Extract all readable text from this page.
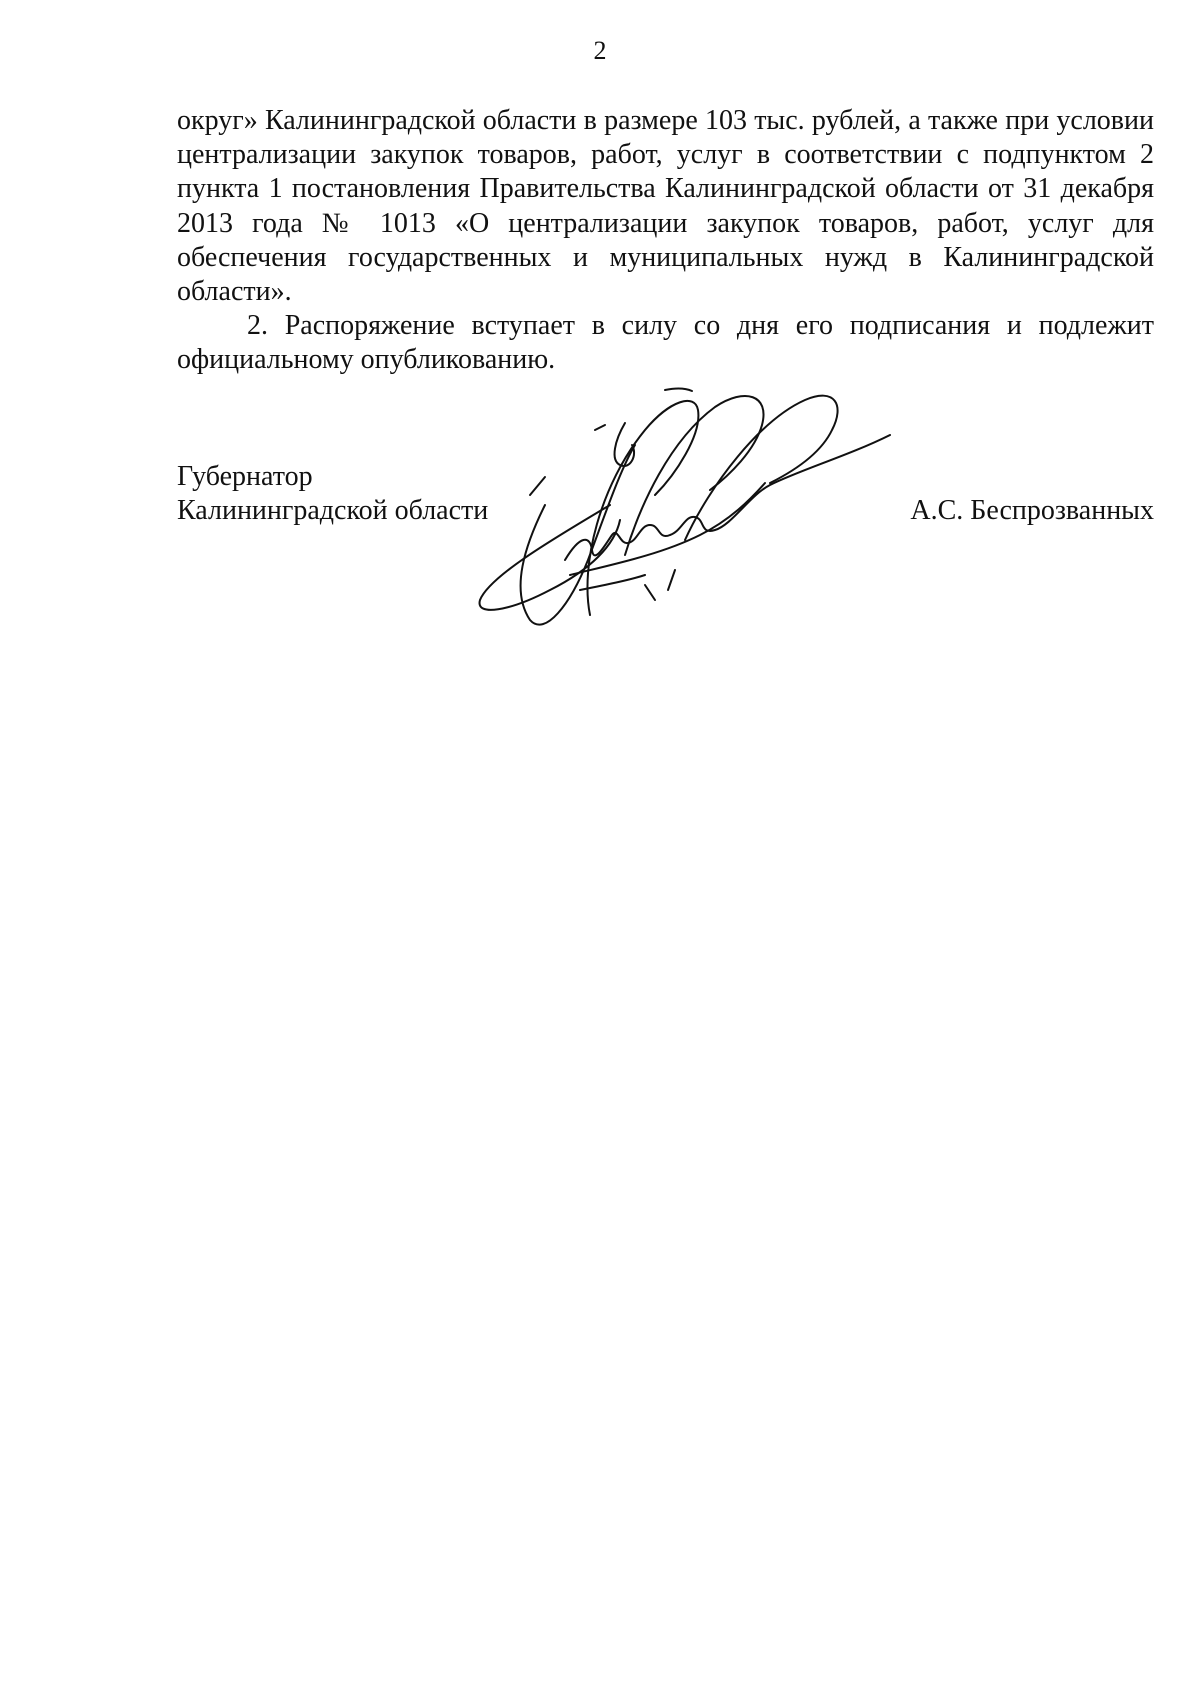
2

округ» Калининградской области в размере 103 тыс. рублей, а также при условии централизации закупок товаров, работ, услуг в соответствии с подпунктом 2 пункта 1 постановления Правительства Калининградской области от 31 декабря 2013 года № 1013 «О централизации закупок товаров, работ, услуг для обеспечения государственных и муниципальных нужд в Калининградской области».

2. Распоряжение вступает в силу со дня его подписания и подлежит официальному опубликованию.

Губернатор
Калининградской области	А.С. Беспрозванных
